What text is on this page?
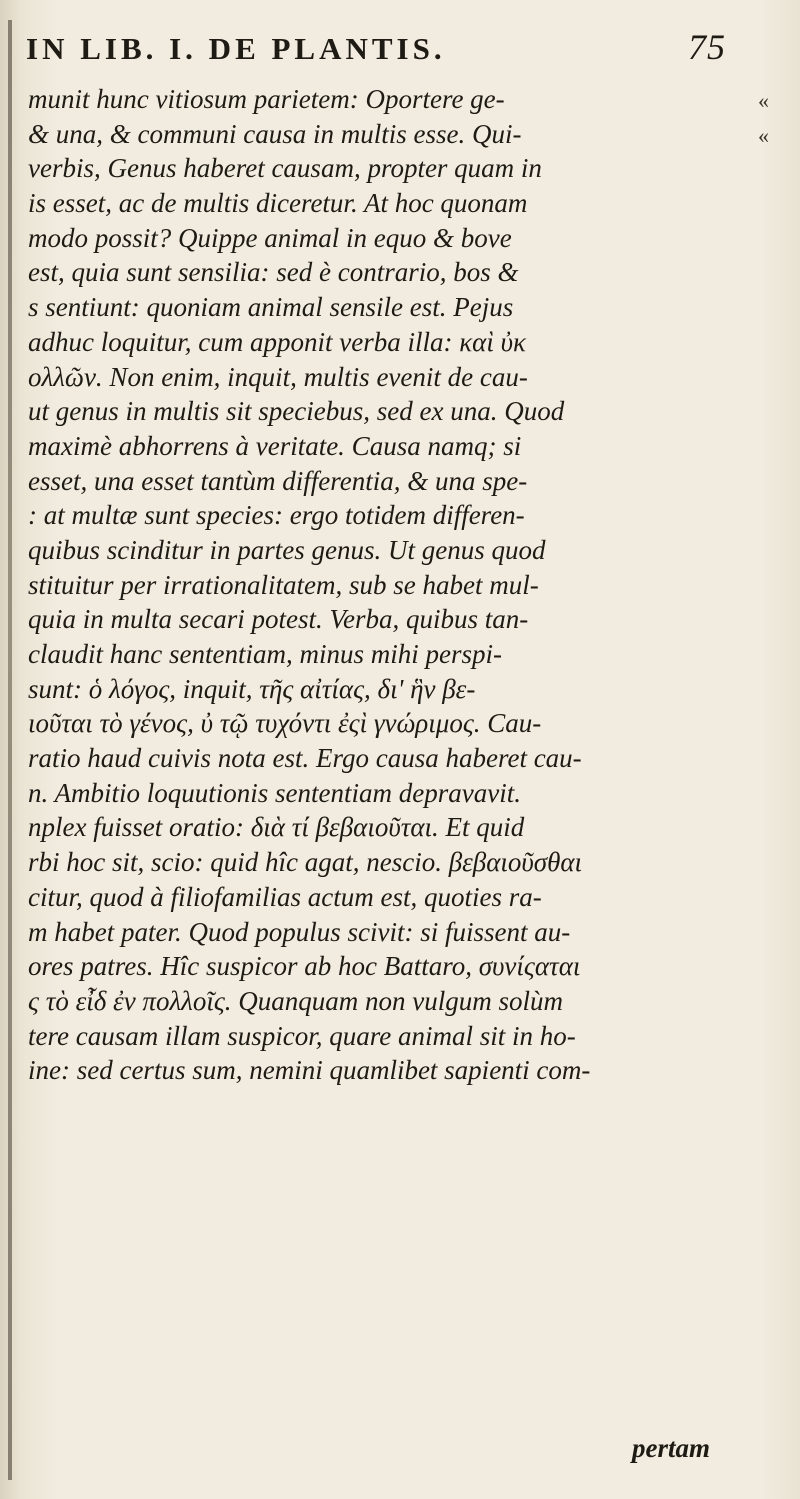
IN LIB. I. DE PLANTIS.	75
«
«
munit hunc vitiosum parietem: Oportere ge-
& una, & communi causa in multis esse. Qui-
verbis, Genus haberet causam, propter quam in
is esset, ac de multis diceretur. At hoc quonam
modo possit? Quippe animal in equo & bove
est, quia sunt sensilia: sed è contrario, bos &
s sentiunt: quoniam animal sensile est. Pejus
adhuc loquitur, cum apponit verba illa: καὶ ὐκ
ολλῶν. Non enim, inquit, multis evenit de cau-
ut genus in multis sit speciebus, sed ex una. Quod
maximè abhorrens à veritate. Causa namq; si
esset, una esset tantùm differentia, & una spe-
: at multæ sunt species: ergo totidem differen-
quibus scinditur in partes genus. Ut genus quod
stituitur per irrationalitatem, sub se habet mul-
quia in multa secari potest. Verba, quibus tan-
claudit hanc sententiam, minus mihi perspi-
sunt: ὁ λόγος, inquit, τῆς αἰτίας, δι' ἣν βε-
ιοῦται τὸ γένος, ὐ τῷ τυχόντι ἐςὶ γνώριμος. Cau-
ratio haud cuivis nota est. Ergo causa haberet cau-
n. Ambitio loquutionis sententiam depravavit.
nplex fuisset oratio: διὰ τί βεβαιοῦται. Et quid
rbi hoc sit, scio: quid hîc agat, nescio. βεβαιοῦσθαι
citur, quod à filiofamilias actum est, quoties ra-
m habet pater. Quod populus scivit: si fuissent au-
ores patres. Hîc suspicor ab hoc Battaro, συνίςαται
ς τὸ εἶδ ἐν πολλοῖς. Quanquam non vulgum solùm
tere causam illam suspicor, quare animal sit in ho-
ine: sed certus sum, nemini quamlibet sapienti com-
pertam
